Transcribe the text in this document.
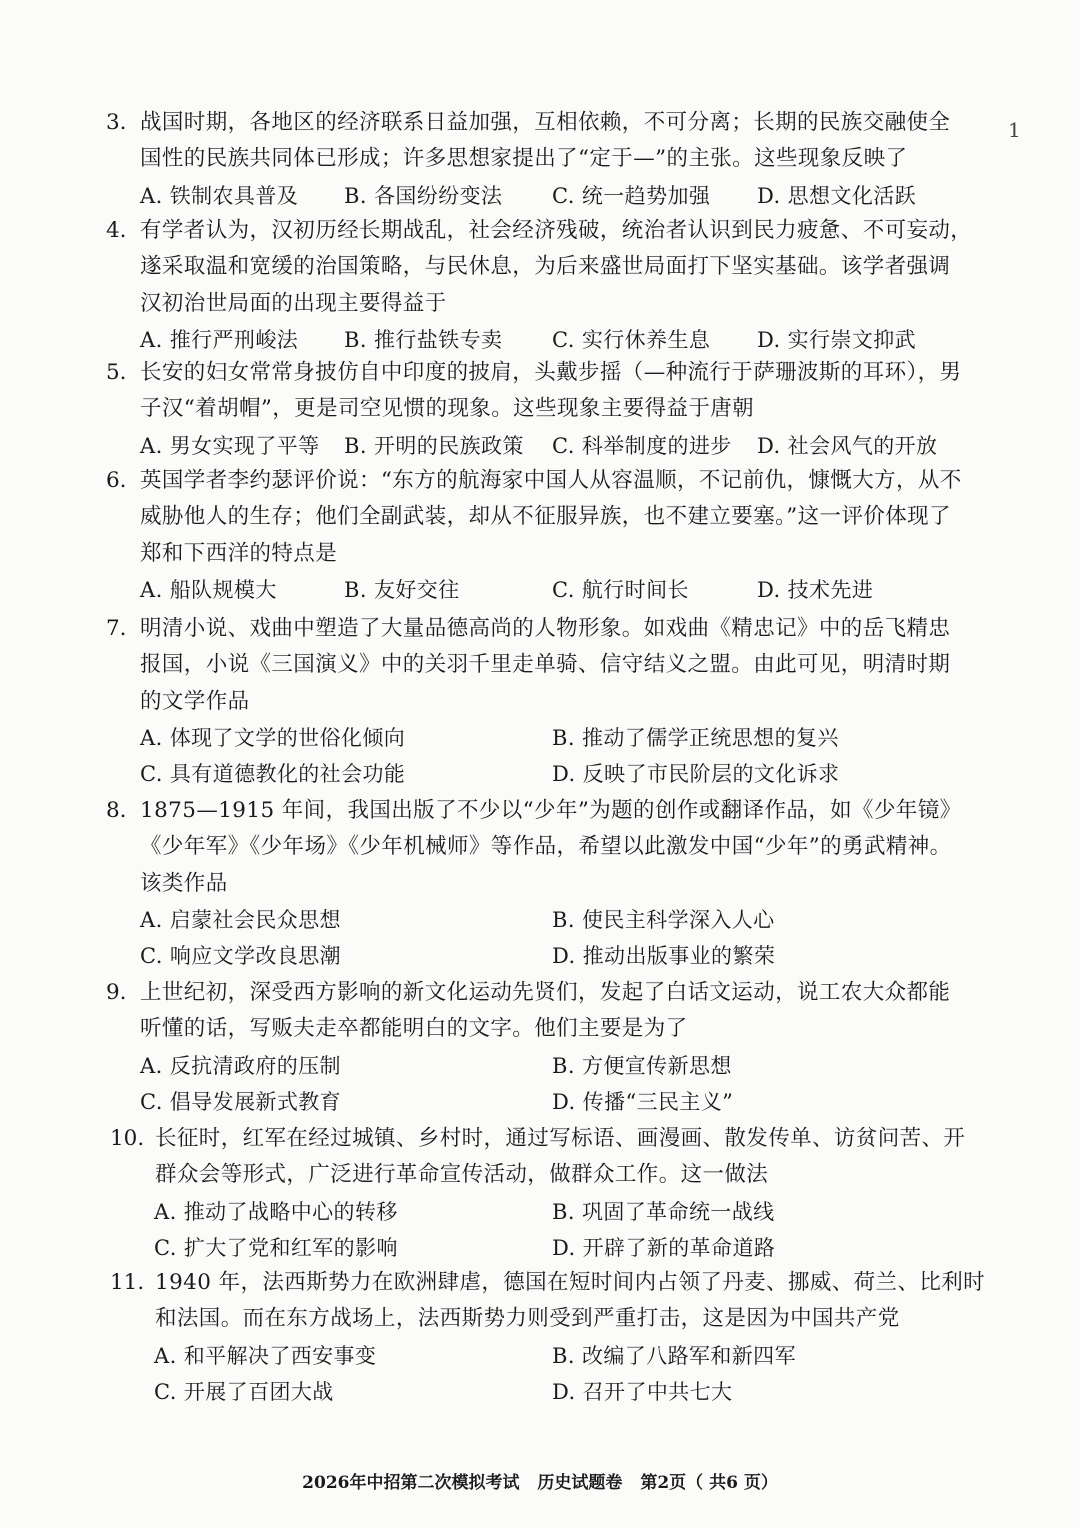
1
3. 战国时期，各地区的经济联系日益加强，互相依赖，不可分离；长期的民族交融使全
国性的民族共同体已形成；许多思想家提出了“定于—”的主张。这些现象反映了
A. 铁制农具普及 B. 各国纷纷变法 C. 统一趋势加强 D. 思想文化活跃
4. 有学者认为，汉初历经长期战乱，社会经济残破，统治者认识到民力疲惫、不可妄动，
遂采取温和宽缓的治国策略，与民休息，为后来盛世局面打下坚实基础。该学者强调
汉初治世局面的出现主要得益于
A. 推行严刑峻法 B. 推行盐铁专卖 C. 实行休养生息 D. 实行崇文抑武
5. 长安的妇女常常身披仿自中印度的披肩，头戴步摇（—种流行于萨珊波斯的耳环），男
子汉“着胡帽”，更是司空见惯的现象。这些现象主要得益于唐朝
A. 男女实现了平等 B. 开明的民族政策 C. 科举制度的进步 D. 社会风气的开放
6. 英国学者李约瑟评价说：“东方的航海家中国人从容温顺，不记前仇，慷慨大方，从不
威胁他人的生存；他们全副武装，却从不征服异族，也不建立要塞。”这一评价体现了
郑和下西洋的特点是
A. 船队规模大	B. 友好交往	C. 航行时间长	D. 技术先进
7. 明清小说、戏曲中塑造了大量品德高尚的人物形象。如戏曲《精忠记》中的岳飞精忠
报国，小说《三国演义》中的关羽千里走单骑、信守结义之盟。由此可见，明清时期
的文学作品
A. 体现了文学的世俗化倾向	B. 推动了儒学正统思想的复兴
C. 具有道德教化的社会功能	D. 反映了市民阶层的文化诉求
8. 1875—1915 年间，我国出版了不少以“少年”为题的创作或翻译作品，如《少年镜》
《少年军》《少年场》《少年机械师》等作品，希望以此激发中国“少年”的勇武精神。
该类作品
A. 启蒙社会民众思想	B. 使民主科学深入人心
C. 响应文学改良思潮	D. 推动出版事业的繁荣
9. 上世纪初，深受西方影响的新文化运动先贤们，发起了白话文运动，说工农大众都能
听懂的话，写贩夫走卒都能明白的文字。他们主要是为了
A. 反抗清政府的压制	B. 方便宣传新思想
C. 倡导发展新式教育	D. 传播“三民主义”
10. 长征时，红军在经过城镇、乡村时，通过写标语、画漫画、散发传单、访贫问苦、开
群众会等形式，广泛进行革命宣传活动，做群众工作。这一做法
A. 推动了战略中心的转移	B. 巩固了革命统一战线
C. 扩大了党和红军的影响	D. 开辟了新的革命道路
11. 1940 年，法西斯势力在欧洲肆虐，德国在短时间内占领了丹麦、挪威、荷兰、比利时
和法国。而在东方战场上，法西斯势力则受到严重打击，这是因为中国共产党
A. 和平解决了西安事变	B. 改编了八路军和新四军
C. 开展了百团大战	D. 召开了中共七大
2026年中招第二次模拟考试 历史试题卷 第2页（ 共6 页）
